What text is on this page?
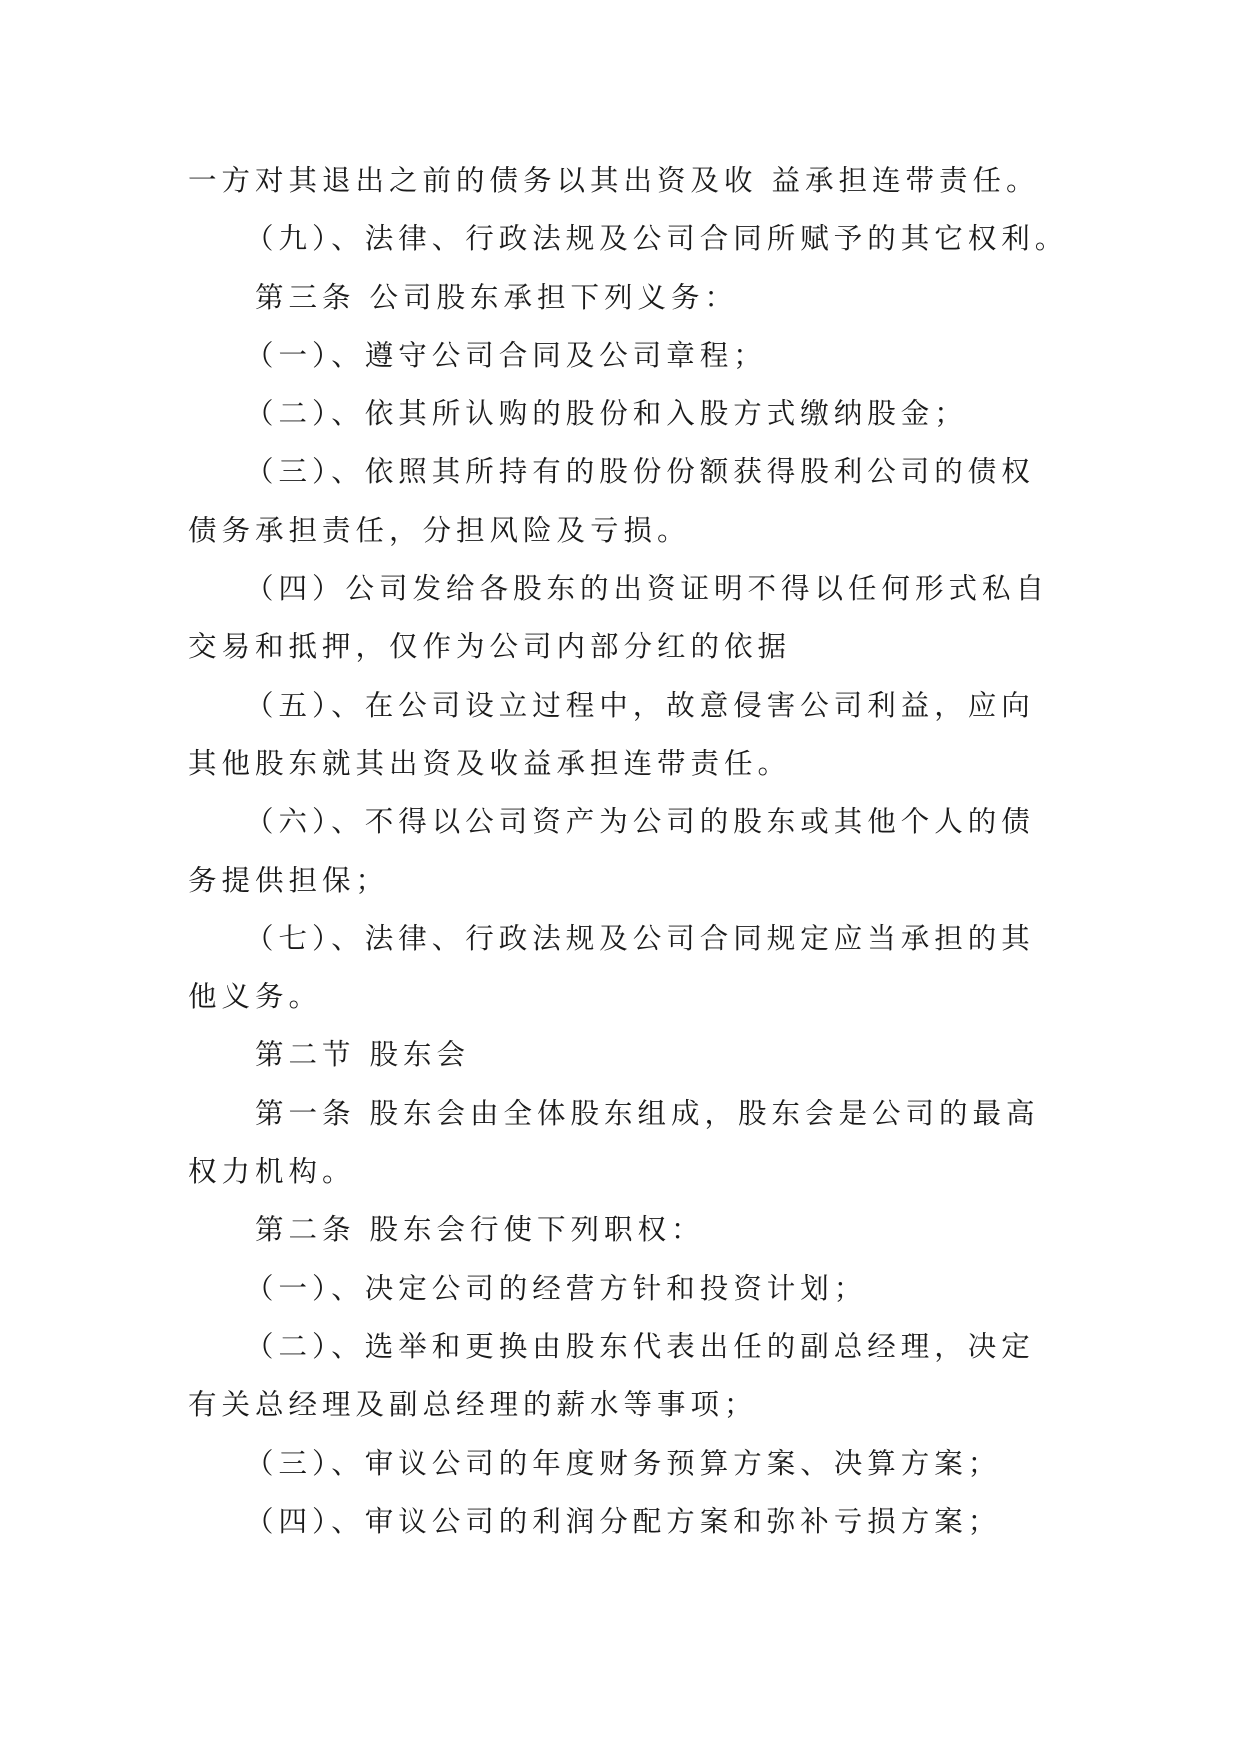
一方对其退出之前的债务以其出资及收 益承担连带责任。
（九）、法律、行政法规及公司合同所赋予的其它权利。
第三条 公司股东承担下列义务：
（一）、遵守公司合同及公司章程；
（二）、依其所认购的股份和入股方式缴纳股金；
（三）、依照其所持有的股份份额获得股利公司的债权
债务承担责任，分担风险及亏损。
（四）公司发给各股东的出资证明不得以任何形式私自
交易和抵押，仅作为公司内部分红的依据
（五）、在公司设立过程中，故意侵害公司利益，应向
其他股东就其出资及收益承担连带责任。
（六）、不得以公司资产为公司的股东或其他个人的债
务提供担保；
（七）、法律、行政法规及公司合同规定应当承担的其
他义务。
第二节 股东会
第一条 股东会由全体股东组成，股东会是公司的最高
权力机构。
第二条 股东会行使下列职权：
（一）、决定公司的经营方针和投资计划；
（二）、选举和更换由股东代表出任的副总经理，决定
有关总经理及副总经理的薪水等事项；
（三）、审议公司的年度财务预算方案、决算方案；
（四）、审议公司的利润分配方案和弥补亏损方案；
